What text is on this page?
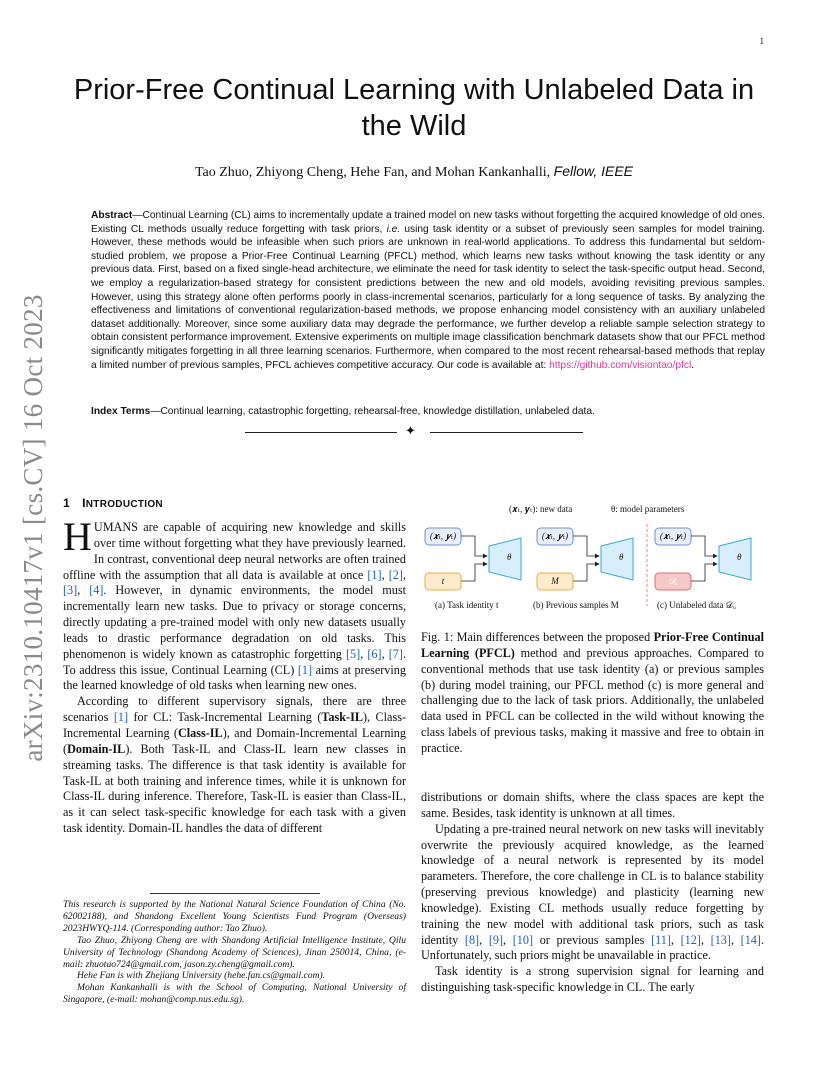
1
arXiv:2310.10417v1 [cs.CV] 16 Oct 2023
Prior-Free Continual Learning with Unlabeled Data in the Wild
Tao Zhuo, Zhiyong Cheng, Hehe Fan, and Mohan Kankanhalli, Fellow, IEEE
Abstract—Continual Learning (CL) aims to incrementally update a trained model on new tasks without forgetting the acquired knowledge of old ones. Existing CL methods usually reduce forgetting with task priors, i.e. using task identity or a subset of previously seen samples for model training. However, these methods would be infeasible when such priors are unknown in real-world applications. To address this fundamental but seldom-studied problem, we propose a Prior-Free Continual Learning (PFCL) method, which learns new tasks without knowing the task identity or any previous data. First, based on a fixed single-head architecture, we eliminate the need for task identity to select the task-specific output head. Second, we employ a regularization-based strategy for consistent predictions between the new and old models, avoiding revisiting previous samples. However, using this strategy alone often performs poorly in class-incremental scenarios, particularly for a long sequence of tasks. By analyzing the effectiveness and limitations of conventional regularization-based methods, we propose enhancing model consistency with an auxiliary unlabeled dataset additionally. Moreover, since some auxiliary data may degrade the performance, we further develop a reliable sample selection strategy to obtain consistent performance improvement. Extensive experiments on multiple image classification benchmark datasets show that our PFCL method significantly mitigates forgetting in all three learning scenarios. Furthermore, when compared to the most recent rehearsal-based methods that replay a limited number of previous samples, PFCL achieves competitive accuracy. Our code is available at: https://github.com/visiontao/pfcl.
Index Terms—Continual learning, catastrophic forgetting, rehearsal-free, knowledge distillation, unlabeled data.
✦
1 INTRODUCTION

HUMANS are capable of acquiring new knowledge and skills over time without forgetting what they have previously learned. In contrast, conventional deep neural networks are often trained offline with the assumption that all data is available at once [1], [2], [3], [4]. However, in dynamic environments, the model must incrementally learn new tasks. Due to privacy or storage concerns, directly updating a pre-trained model with only new datasets usually leads to drastic performance degradation on old tasks. This phenomenon is widely known as catastrophic forgetting [5], [6], [7]. To address this issue, Continual Learning (CL) [1] aims at preserving the learned knowledge of old tasks when learning new ones.

According to different supervisory signals, there are three scenarios [1] for CL: Task-Incremental Learning (Task-IL), Class-Incremental Learning (Class-IL), and Domain-Incremental Learning (Domain-IL). Both Task-IL and Class-IL learn new classes in streaming tasks. The difference is that task identity is available for Task-IL at both training and inference times, while it is unknown for Class-IL during inference. Therefore, Task-IL is easier than Class-IL, as it can select task-specific knowledge for each task with a given task identity. Domain-IL handles the data of different

This research is supported by the National Natural Science Foundation of China (No. 62002188), and Shandong Excellent Young Scientists Fund Program (Overseas) 2023HWYQ-114. (Corresponding author: Tao Zhuo).

Tao Zhuo, Zhiyong Cheng are with Shandong Artificial Intelligence Institute, Qilu University of Technology (Shandong Academy of Sciences), Jinan 250014, China, (e-mail: zhuotao724@gmail.com, jason.zy.cheng@gmail.com).

Hehe Fan is with Zhejiang University (hehe.fan.cs@gmail.com).

Mohan Kankanhalli is with the School of Computing, National University of Singapore, (e-mail: mohan@comp.nus.edu.sg).

(𝒙ₜ, 𝒚ₜ): new data	θ: model parameters
(𝒙ₜ, 𝒚ₜ)	(𝒙ₜ, 𝒚ₜ)	(𝒙ₜ, 𝒚ₜ)
t	M	𝒟ᵤ
θ	θ	θ
(a) Task identity t	(b) Previous samples M	(c) Unlabeled data 𝒟ᵤ
Fig. 1: Main differences between the proposed Prior-Free Continual Learning (PFCL) method and previous approaches. Compared to conventional methods that use task identity (a) or previous samples (b) during model training, our PFCL method (c) is more general and challenging due to the lack of task priors. Additionally, the unlabeled data used in PFCL can be collected in the wild without knowing the class labels of previous tasks, making it massive and free to obtain in practice.

distributions or domain shifts, where the class spaces are kept the same. Besides, task identity is unknown at all times.

Updating a pre-trained neural network on new tasks will inevitably overwrite the previously acquired knowledge, as the learned knowledge of a neural network is represented by its model parameters. Therefore, the core challenge in CL is to balance stability (preserving previous knowledge) and plasticity (learning new knowledge). Existing CL methods usually reduce forgetting by training the new model with additional task priors, such as task identity [8], [9], [10] or previous samples [11], [12], [13], [14]. Unfortunately, such priors might be unavailable in practice.

Task identity is a strong supervision signal for learning and distinguishing task-specific knowledge in CL. The early
